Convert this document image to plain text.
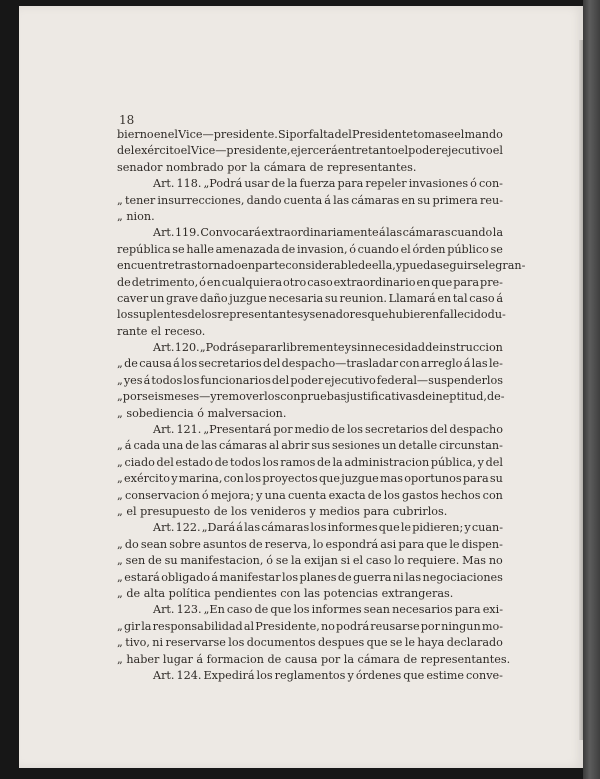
18
bierno en el Vice—presidente. Si por falta del Presidente tomase el mando
del exército el Vice—presidente, ejercerá entre tanto el poder ejecutivo el
senador nombrado por la cámara de representantes.
Art. 118. „Podrá usar de la fuerza para repeler invasiones ó con-
„ tener insurrecciones, dando cuenta á las cámaras en su primera reu-
„ nion.
Art. 119. Convocará extraordinariamente á las cámaras cuando la
república se halle amenazada de invasion, ó cuando el órden público se
encuentre trastornado en parte considerable de ella, y pueda seguirsele gran-
de detrimento, ó en cualquiera otro caso extraordinario en que para pre-
caver un grave daño juzgue necesaria su reunion. Llamará en tal caso á
los suplentes de los representantes y senadores que hubieren fallecido du-
rante el receso.
Art. 120. „Podrá separar libremente y sin necesidad de instruccion
„ de causa á los secretarios del despacho—trasladar con arreglo á las le-
„ yes á todos los funcionarios del poder ejecutivo federal—suspenderlos
„ por seis meses—y removerlos con pruebas justificativas de ineptitud, de-
„ sobediencia ó malversacion.
Art. 121. „Presentará por medio de los secretarios del despacho
„ á cada una de las cámaras al abrir sus sesiones un detalle circunstan-
„ ciado del estado de todos los ramos de la administracion pública, y del
„ exército y marina, con los proyectos que juzgue mas oportunos para su
„ conservacion ó mejora; y una cuenta exacta de los gastos hechos con
„ el presupuesto de los venideros y medios para cubrirlos.
Art. 122. „Dará á las cámaras los informes que le pidieren; y cuan-
„ do sean sobre asuntos de reserva, lo espondrá asi para que le dispen-
„ sen de su manifestacion, ó se la exijan si el caso lo requiere. Mas no
„ estará obligado á manifestar los planes de guerra ni las negociaciones
„ de alta política pendientes con las potencias extrangeras.
Art. 123. „En caso de que los informes sean necesarios para exi-
„ gir la responsabilidad al Presidente, no podrá reusarse por ningun mo-
„ tivo, ni reservarse los documentos despues que se le haya declarado
„ haber lugar á formacion de causa por la cámara de representantes.
Art. 124. Expedirá los reglamentos y órdenes que estime conve-
